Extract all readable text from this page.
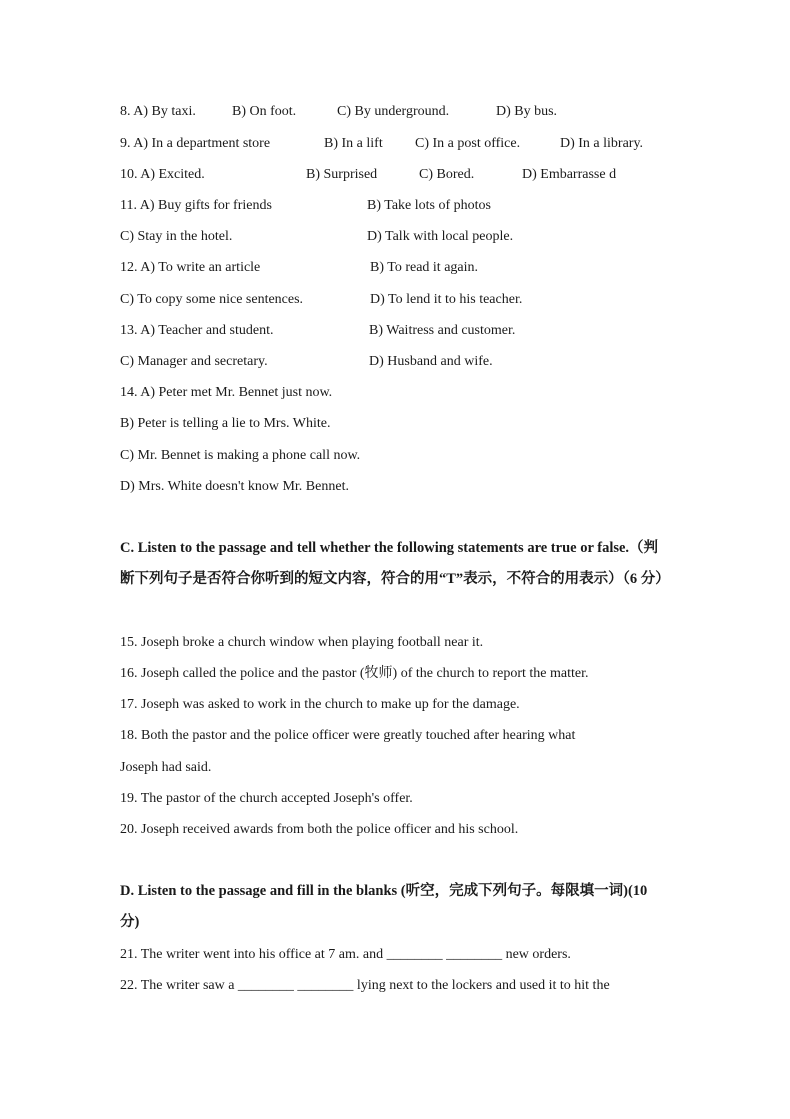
8. A) By taxi.	B) On foot.	C) By underground.	D) By bus.
9. A) In a department store	B) In a lift C) In a post office.	D) In a library.
10. A) Excited.	B) Surprised	C) Bored.	D) Embarrasse d
11. A) Buy gifts for friends	B) Take lots of photos
C) Stay in the hotel.	D) Talk with local people.
12. A) To write an article	B) To read it again.
C) To copy some nice sentences.	D) To lend it to his teacher.
13. A) Teacher and student.	B) Waitress and customer.
C) Manager and secretary.	D) Husband and wife.
14. A) Peter met Mr. Bennet just now.
B) Peter is telling a lie to Mrs. White.
C) Mr. Bennet is making a phone call now.
D) Mrs. White doesn't know Mr. Bennet.
C. Listen to the passage and tell whether the following statements are true or false.（判断下列句子是否符合你听到的短文内容，符合的用“T”表示，不符合的用表示）（6 分）
15. Joseph broke a church window when playing football near it.
16. Joseph called the police and the pastor (牧师) of the church to report the matter.
17. Joseph was asked to work in the church to make up for the damage.
18. Both the pastor and the police officer were greatly touched after hearing what
Joseph had said.
19. The pastor of the church accepted Joseph's offer.
20. Joseph received awards from both the police officer and his school.
D. Listen to the passage and fill in the blanks (听空，完成下列句子。每限填一词)(10 分)
21. The writer went into his office at 7 am. and ________ ________ new orders.
22. The writer saw a ________ ________ lying next to the lockers and used it to hit the
